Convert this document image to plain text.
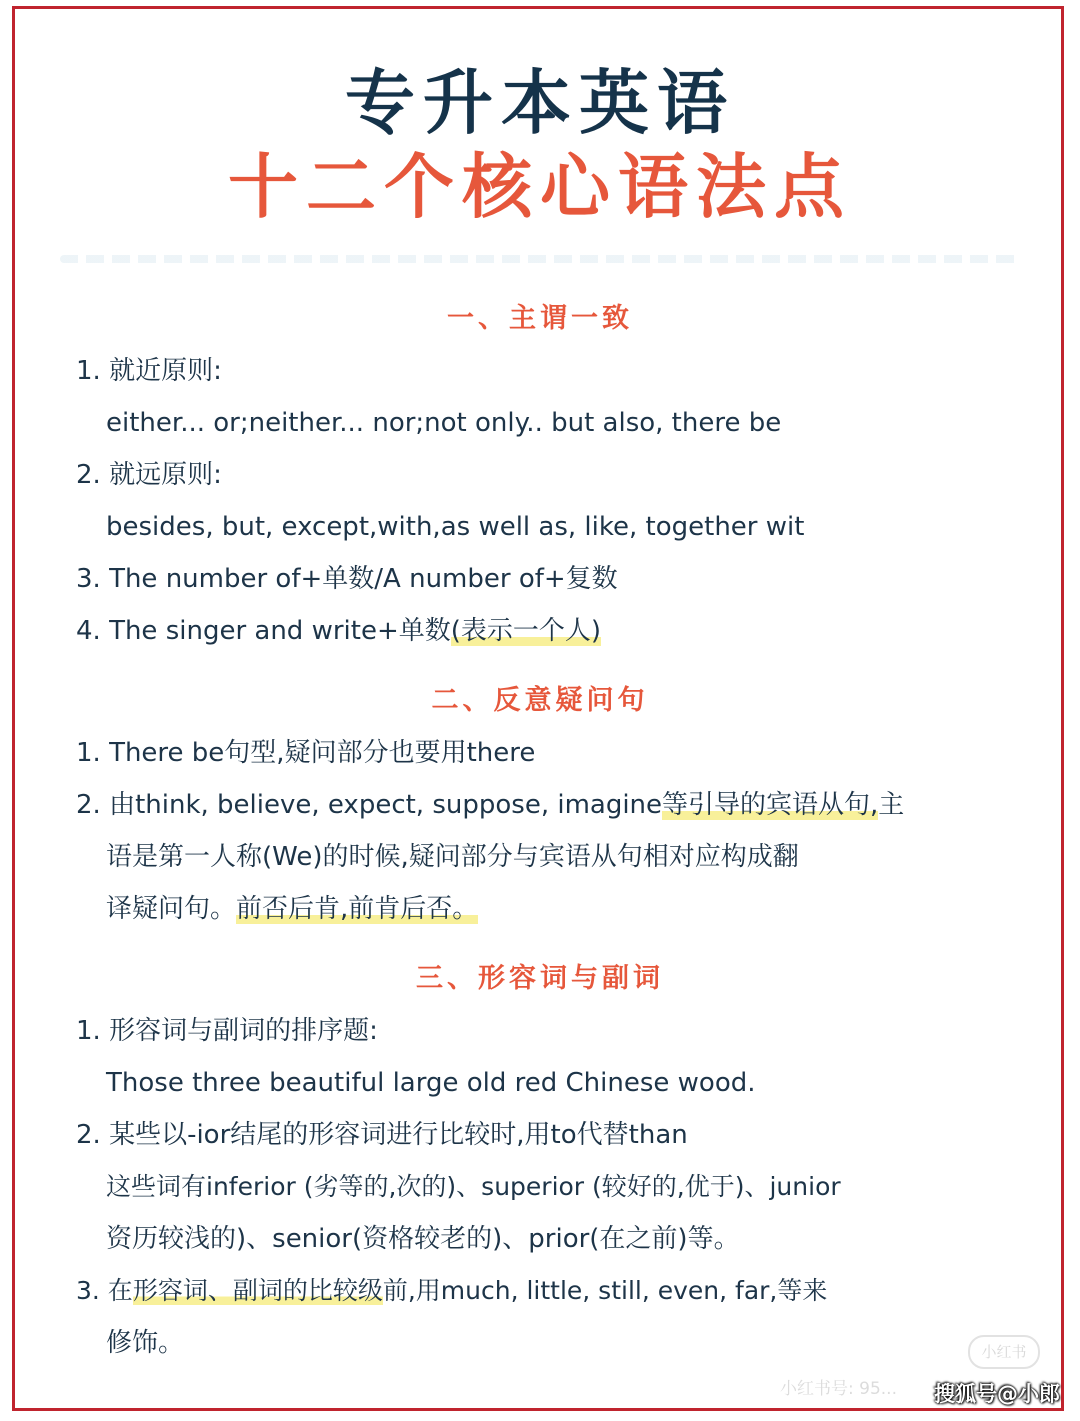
专升本英语
十二个核心语法点
一、主谓一致
1. 就近原则:
either... or;neither... nor;not only.. but also, there be
2. 就远原则:
besides, but, except,with,as well as, like, together wit
3. The number of+单数/A number of+复数
4. The singer and write+单数(表示一个人)
二、反意疑问句
1. There be句型,疑问部分也要用there
2. 由think, believe, expect, suppose, imagine等引导的宾语从句,主
语是第一人称(We)的时候,疑问部分与宾语从句相对应构成翻
译疑问句。前否后肯,前肯后否。
三、形容词与副词
1. 形容词与副词的排序题:
Those three beautiful large old red Chinese wood.
2. 某些以-ior结尾的形容词进行比较时,用to代替than
这些词有inferior (劣等的,次的)、superior (较好的,优于)、junior
资历较浅的)、senior(资格较老的)、prior(在之前)等。
3. 在形容词、副词的比较级前,用much, little, still, even, far,等来
修饰。	小红书
小红书号: 95... 搜狐号@小郎
